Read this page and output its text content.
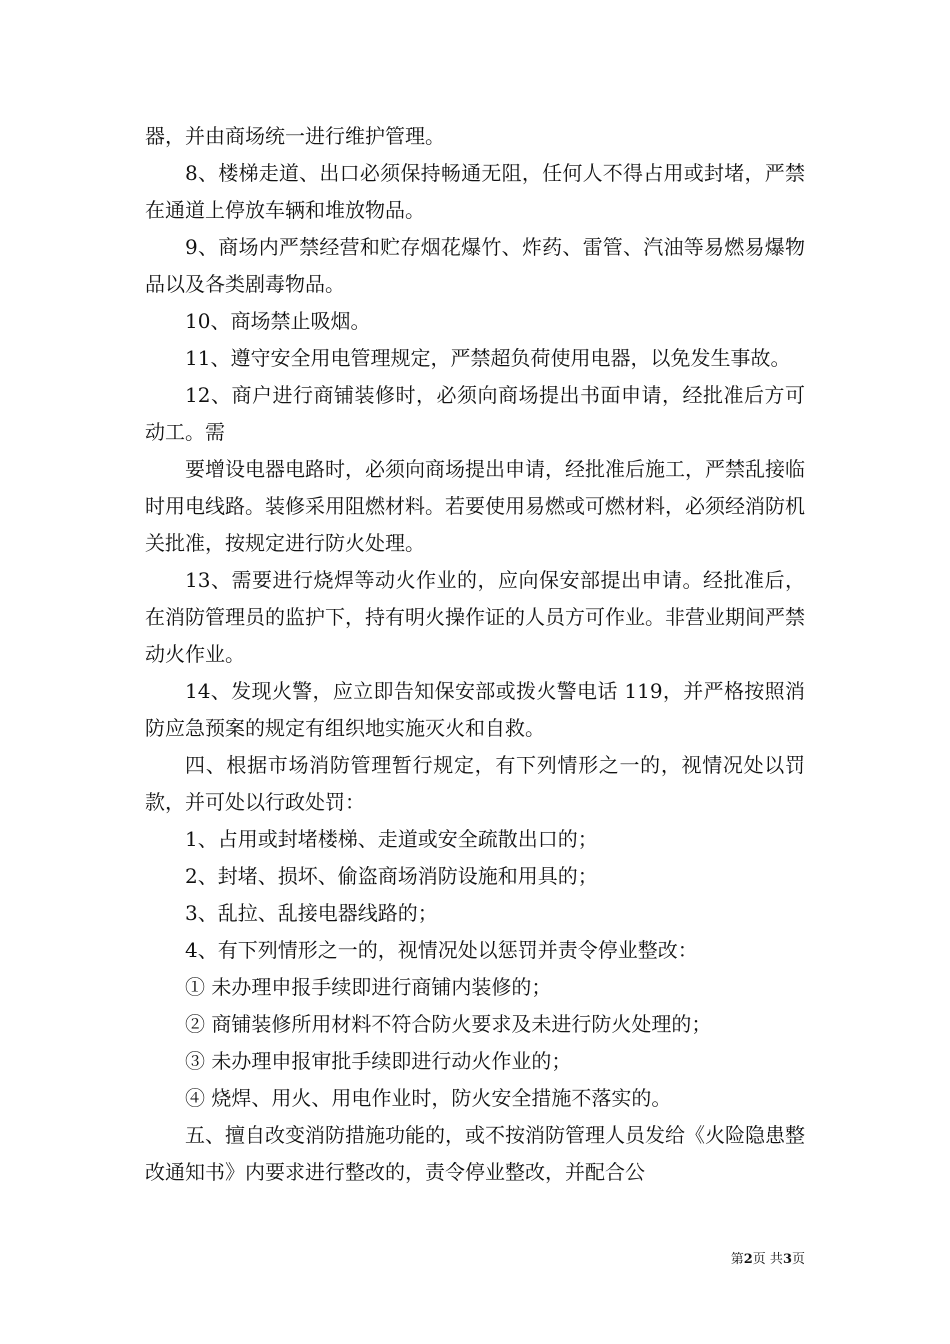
器，并由商场统一进行维护管理。

8、楼梯走道、出口必须保持畅通无阻，任何人不得占用或封堵，严禁在通道上停放车辆和堆放物品。

9、商场内严禁经营和贮存烟花爆竹、炸药、雷管、汽油等易燃易爆物品以及各类剧毒物品。

10、商场禁止吸烟。

11、遵守安全用电管理规定，严禁超负荷使用电器，以免发生事故。

12、商户进行商铺装修时，必须向商场提出书面申请，经批准后方可动工。需

要增设电器电路时，必须向商场提出申请，经批准后施工，严禁乱接临时用电线路。装修采用阻燃材料。若要使用易燃或可燃材料，必须经消防机关批准，按规定进行防火处理。

13、需要进行烧焊等动火作业的，应向保安部提出申请。经批准后，在消防管理员的监护下，持有明火操作证的人员方可作业。非营业期间严禁动火作业。

14、发现火警，应立即告知保安部或拨火警电话 119，并严格按照消防应急预案的规定有组织地实施灭火和自救。

四、根据市场消防管理暂行规定，有下列情形之一的，视情况处以罚款，并可处以行政处罚：

1、占用或封堵楼梯、走道或安全疏散出口的；

2、封堵、损坏、偷盗商场消防设施和用具的；

3、乱拉、乱接电器线路的；

4、有下列情形之一的，视情况处以惩罚并责令停业整改：

① 未办理申报手续即进行商铺内装修的；

② 商铺装修所用材料不符合防火要求及未进行防火处理的；

③ 未办理申报审批手续即进行动火作业的；

④ 烧焊、用火、用电作业时，防火安全措施不落实的。

五、擅自改变消防措施功能的，或不按消防管理人员发给《火险隐患整改通知书》内要求进行整改的，责令停业整改，并配合公

第2页 共3页
